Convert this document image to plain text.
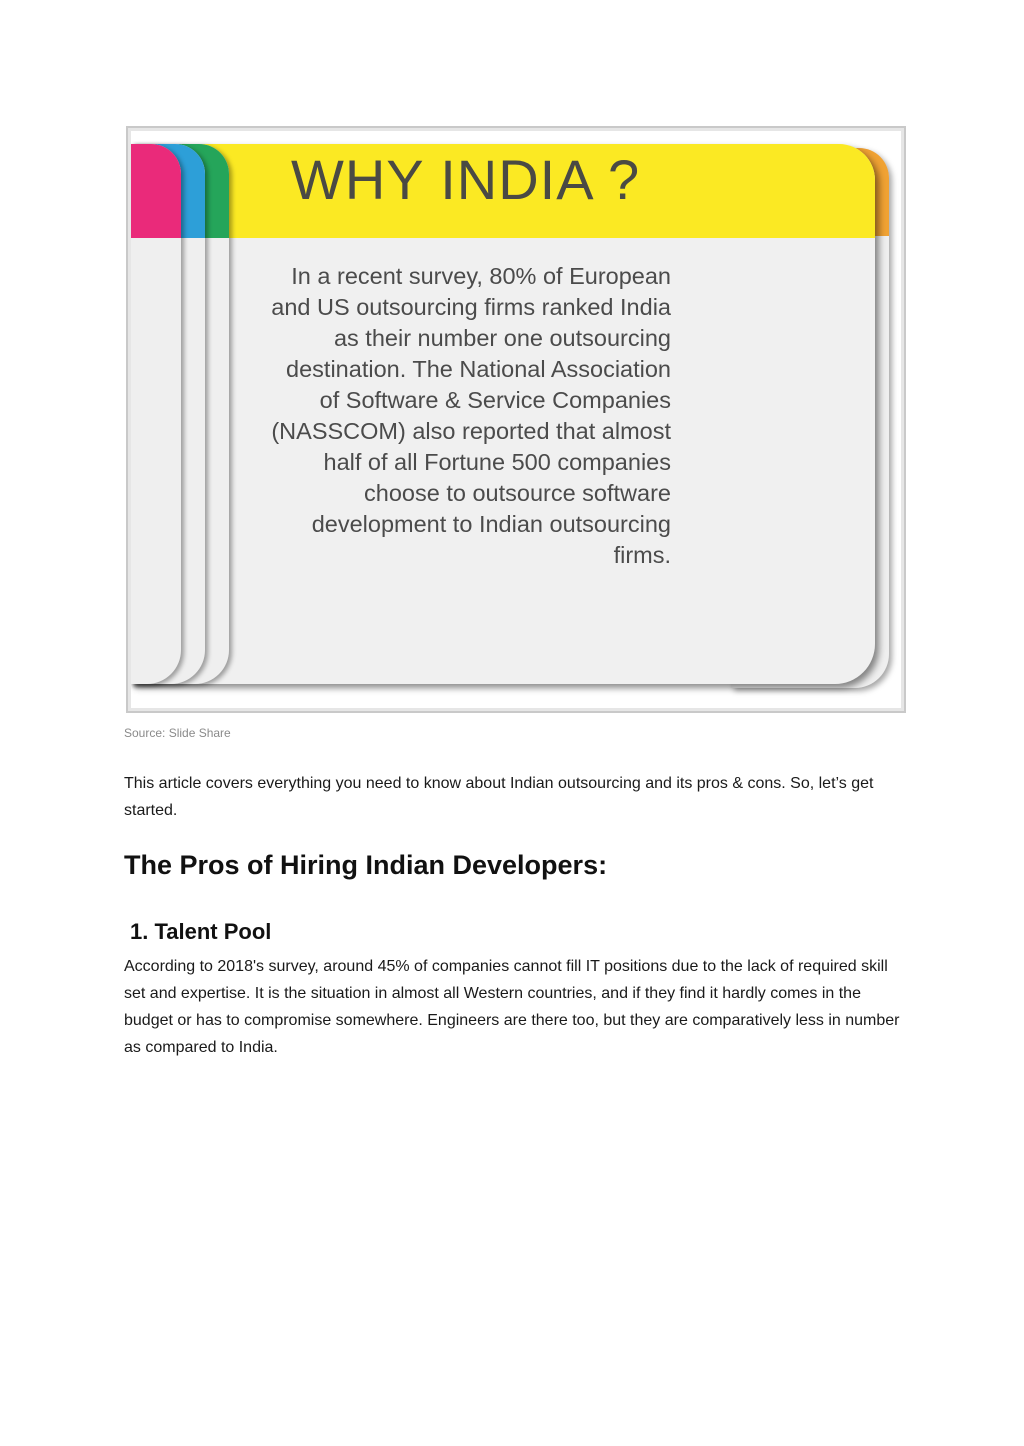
WHY INDIA ?
In a recent survey, 80% of European and US outsourcing firms ranked India as their number one outsourcing destination. The National Association of Software & Service Companies (NASSCOM) also reported that almost half of all Fortune 500 companies choose to outsource software development to Indian outsourcing firms.
Source: Slide Share

This article covers everything you need to know about Indian outsourcing and its pros & cons. So, let’s get started.

The Pros of Hiring Indian Developers:
1. Talent Pool

According to 2018's survey, around 45% of companies cannot fill IT positions due to the lack of required skill set and expertise. It is the situation in almost all Western countries, and if they find it hardly comes in the budget or has to compromise somewhere. Engineers are there too, but they are comparatively less in number as compared to India.
